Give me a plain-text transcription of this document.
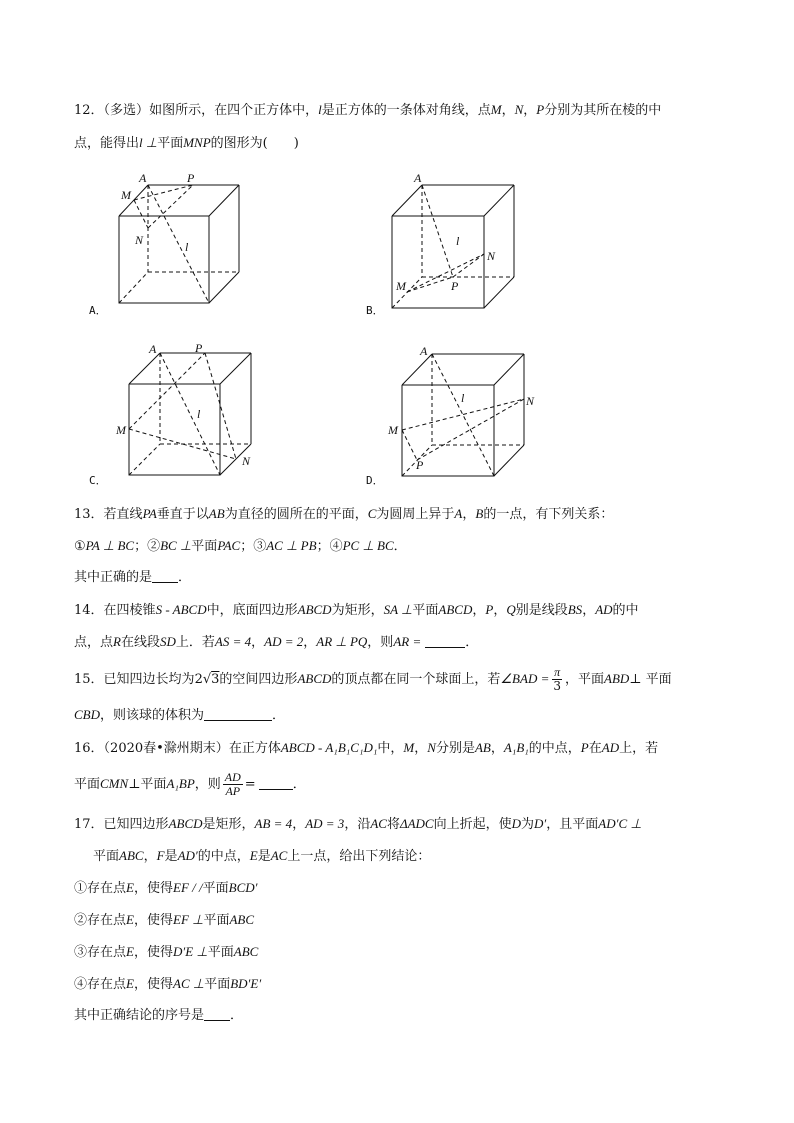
12．（多选）如图所示，在四个正方体中，l是正方体的一条体对角线，点M，N，P分别为其所在棱的中
点，能得出l ⊥平面MNP的图形为(　　)
A	P
M
N	l
A．
A
l
N
M	P
B．
A	P
l
M
N
C．
A
l	N
M
P
D．
13．若直线PA垂直于以AB为直径的圆所在的平面，C为圆周上异于A，B的一点，有下列关系：
①PA ⊥ BC；②BC ⊥平面PAC；③AC ⊥ PB；④PC ⊥ BC．
其中正确的是 ．
14．在四棱锥S - ABCD中，底面四边形ABCD为矩形，SA ⊥平面ABCD，P，Q别是线段BS，AD的中
点，点R在线段SD上．若AS = 4，AD = 2，AR ⊥ PQ，则AR =	．
15．已知四边长均为2√3的空间四边形ABCD的顶点都在同一个球面上，若∠BAD = $\frac{\pi}{3}$ ，平面ABD⊥ 平面
CBD，则该球的体积为	．
16．（2020春•滁州期末）在正方体ABCD - A₁B₁C₁D₁中，M，N分别是AB，A₁B₁的中点，P在AD上，若
平面CMN⊥平面A₁BP，则 $\frac{AD}{AP}$ =	．
17．已知四边形ABCD是矩形，AB = 4，AD = 3，沿AC将ΔADC向上折起，使D为D′，且平面AD′C ⊥
平面ABC，F是AD′的中点，E是AC上一点，给出下列结论：
①存在点E，使得EF / /平面BCD′
②存在点E，使得EF ⊥平面ABC
③存在点E，使得D′E ⊥平面ABC
④存在点E，使得AC ⊥平面BD′E′
其中正确结论的序号是 ．
